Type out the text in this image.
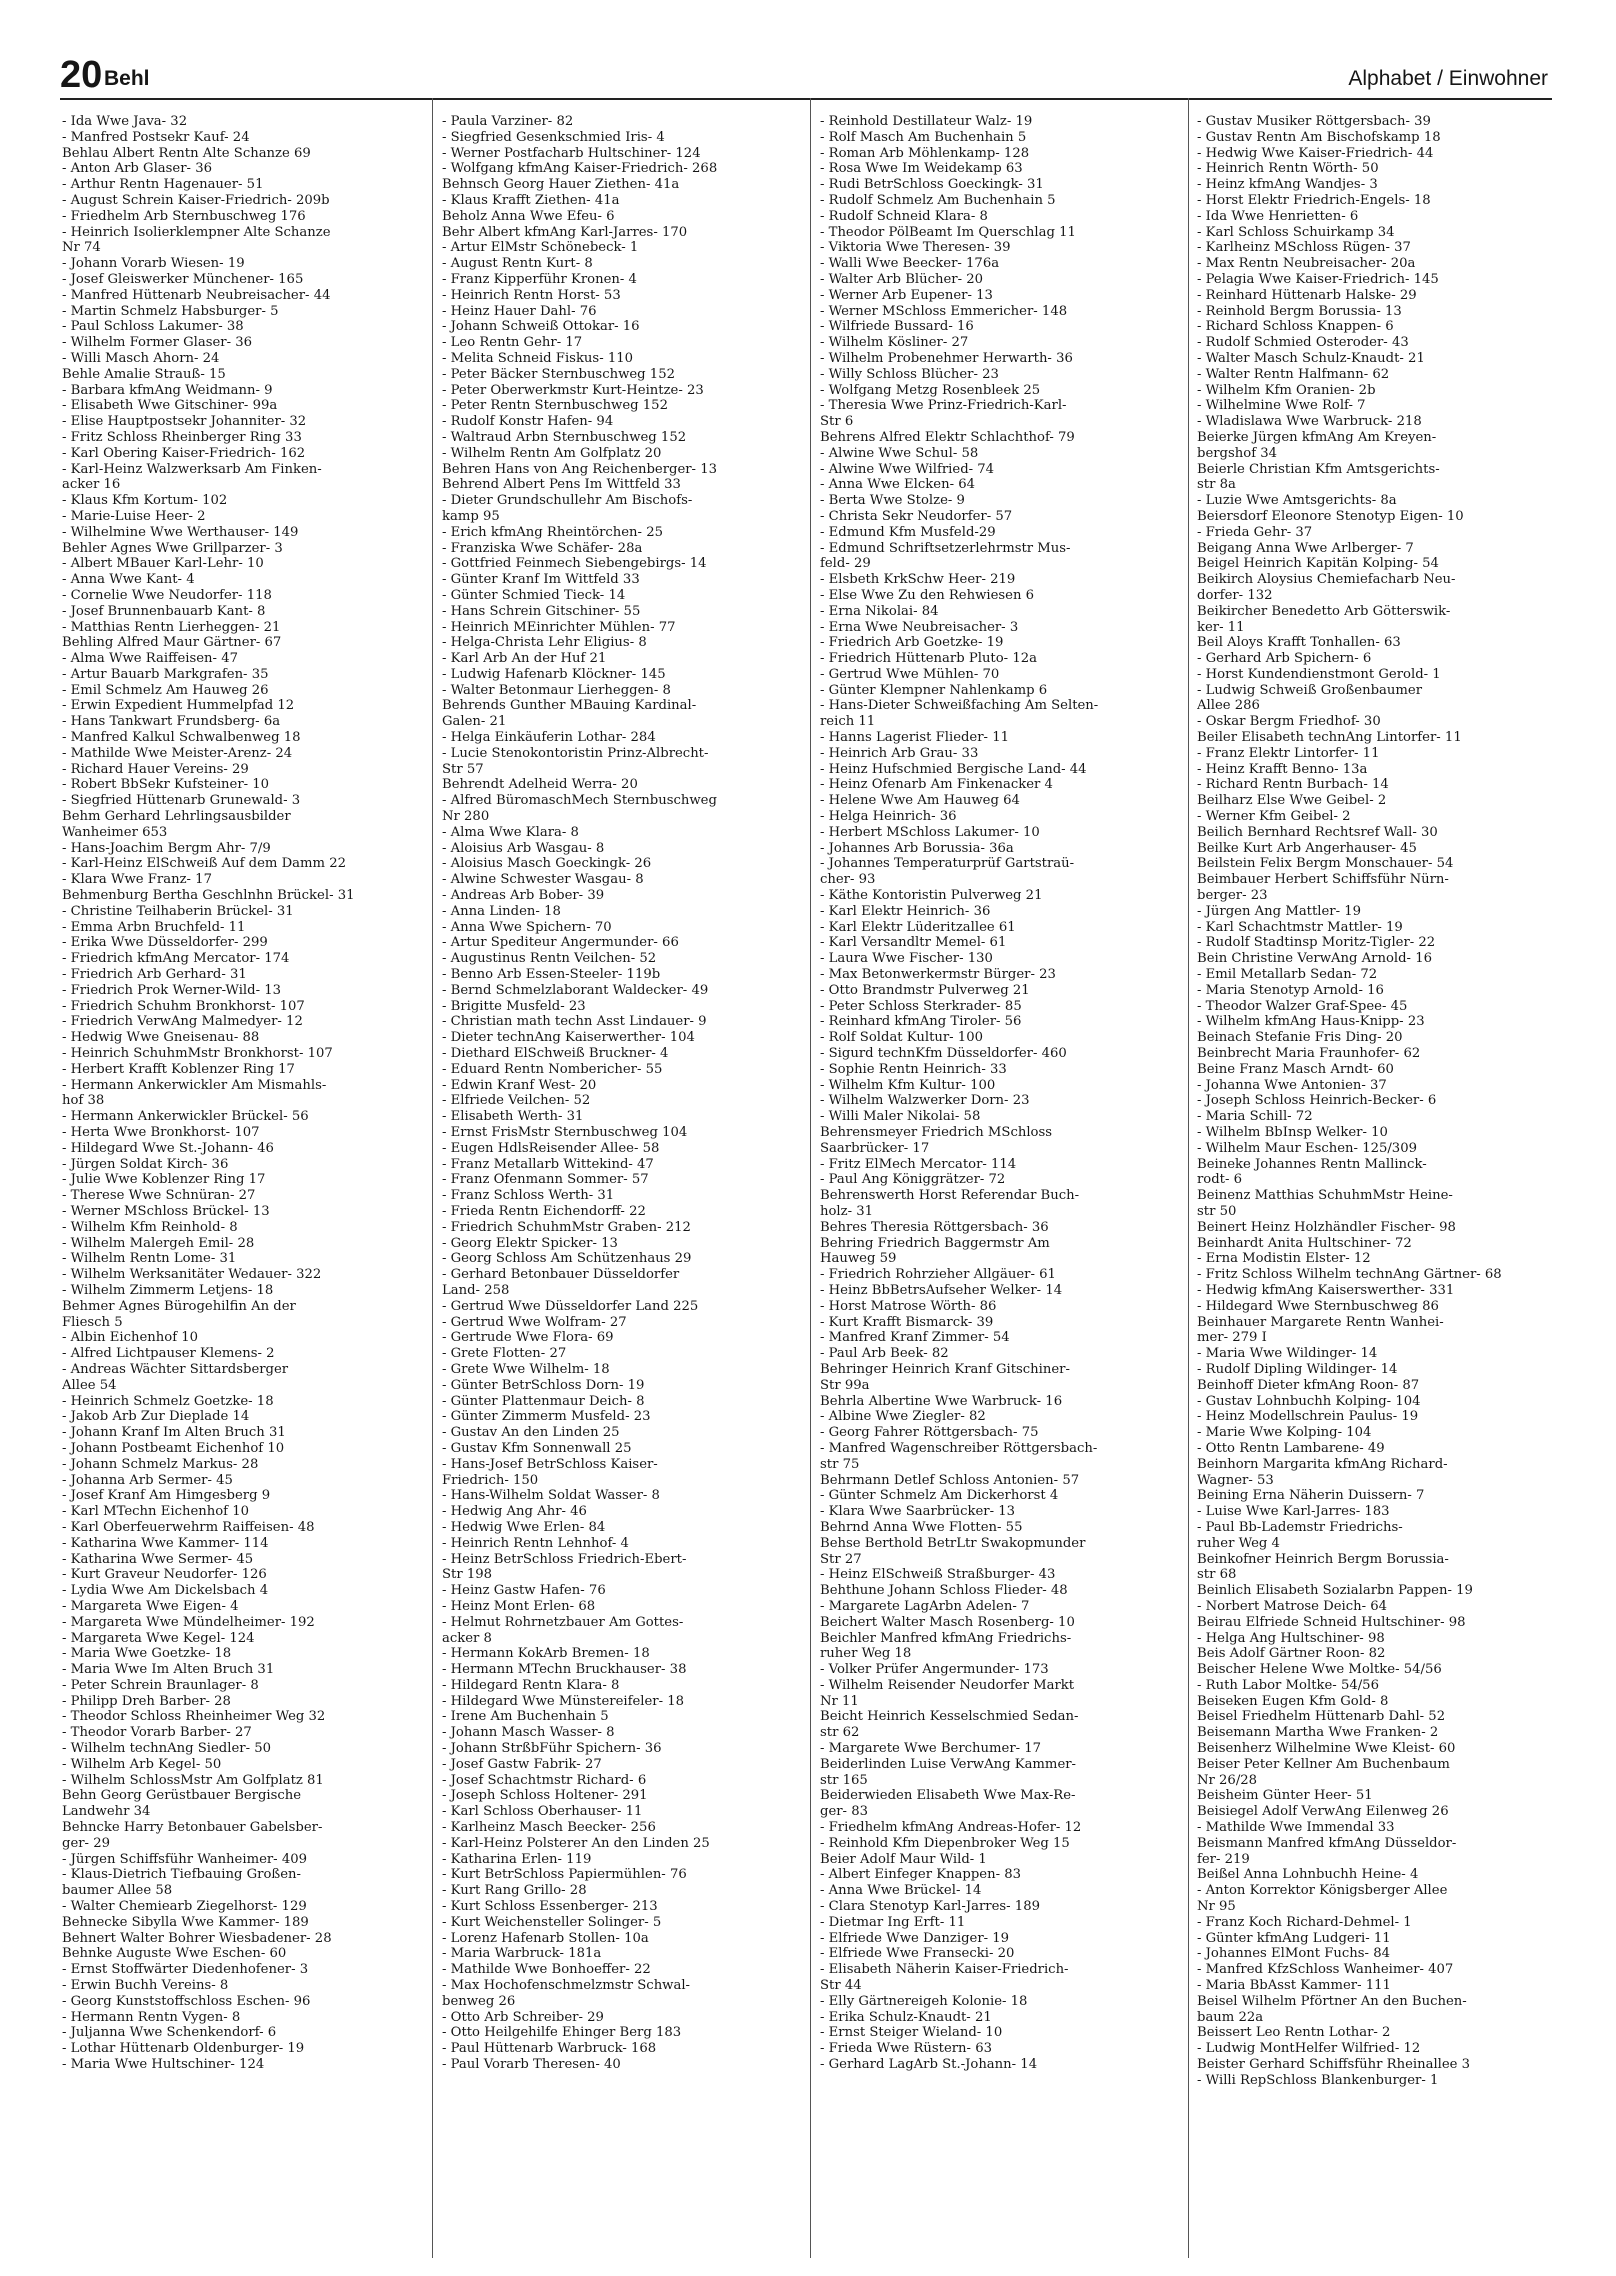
20 Behl	Alphabet / Einwohner
- Ida Wwe Java- 32
- Manfred Postsekr Kauf- 24
Behlau Albert Rentn Alte Schanze 69
- Anton Arb Glaser- 36
- Arthur Rentn Hagenauer- 51
- August Schrein Kaiser-Friedrich- 209b
- Friedhelm Arb Sternbuschweg 176
- Heinrich Isolierklempner Alte Schanze
Nr 74
- Johann Vorarb Wiesen- 19
- Josef Gleiswerker Münchener- 165
- Manfred Hüttenarb Neubreisacher- 44
- Martin Schmelz Habsburger- 5
- Paul Schloss Lakumer- 38
- Wilhelm Former Glaser- 36
- Willi Masch Ahorn- 24
Behle Amalie Strauß- 15
- Barbara kfmAng Weidmann- 9
- Elisabeth Wwe Gitschiner- 99a
- Elise Hauptpostsekr Johanniter- 32
- Fritz Schloss Rheinberger Ring 33
- Karl Obering Kaiser-Friedrich- 162
- Karl-Heinz Walzwerksarb Am Finken-
acker 16
- Klaus Kfm Kortum- 102
- Marie-Luise Heer- 2
- Wilhelmine Wwe Werthauser- 149
Behler Agnes Wwe Grillparzer- 3
- Albert MBauer Karl-Lehr- 10
- Anna Wwe Kant- 4
- Cornelie Wwe Neudorfer- 118
- Josef Brunnenbauarb Kant- 8
- Matthias Rentn Lierheggen- 21
Behling Alfred Maur Gärtner- 67
- Alma Wwe Raiffeisen- 47
- Artur Bauarb Markgrafen- 35
- Emil Schmelz Am Hauweg 26
- Erwin Expedient Hummelpfad 12
- Hans Tankwart Frundsberg- 6a
- Manfred Kalkul Schwalbenweg 18
- Mathilde Wwe Meister-Arenz- 24
- Richard Hauer Vereins- 29
- Robert BbSekr Kufsteiner- 10
- Siegfried Hüttenarb Grunewald- 3
Behm Gerhard Lehrlingsausbilder
Wanheimer 653
- Hans-Joachim Bergm Ahr- 7/9
- Karl-Heinz ElSchweiß Auf dem Damm 22
- Klara Wwe Franz- 17
Behmenburg Bertha Geschlnhn Brückel- 31
- Christine Teilhaberin Brückel- 31
- Emma Arbn Bruchfeld- 11
- Erika Wwe Düsseldorfer- 299
- Friedrich kfmAng Mercator- 174
- Friedrich Arb Gerhard- 31
- Friedrich Prok Werner-Wild- 13
- Friedrich Schuhm Bronkhorst- 107
- Friedrich VerwAng Malmedyer- 12
- Hedwig Wwe Gneisenau- 88
- Heinrich SchuhmMstr Bronkhorst- 107
- Herbert Krafft Koblenzer Ring 17
- Hermann Ankerwickler Am Mismahls-
hof 38
- Hermann Ankerwickler Brückel- 56
- Herta Wwe Bronkhorst- 107
- Hildegard Wwe St.-Johann- 46
- Jürgen Soldat Kirch- 36
- Julie Wwe Koblenzer Ring 17
- Therese Wwe Schnüran- 27
- Werner MSchloss Brückel- 13
- Wilhelm Kfm Reinhold- 8
- Wilhelm Malergeh Emil- 28
- Wilhelm Rentn Lome- 31
- Wilhelm Werksanitäter Wedauer- 322
- Wilhelm Zimmerm Letjens- 18
Behmer Agnes Bürogehilfin An der
Fliesch 5
- Albin Eichenhof 10
- Alfred Lichtpauser Klemens- 2
- Andreas Wächter Sittardsberger
Allee 54
- Heinrich Schmelz Goetzke- 18
- Jakob Arb Zur Dieplade 14
- Johann Kranf Im Alten Bruch 31
- Johann Postbeamt Eichenhof 10
- Johann Schmelz Markus- 28
- Johanna Arb Sermer- 45
- Josef Kranf Am Himgesberg 9
- Karl MTechn Eichenhof 10
- Karl Oberfeuerwehrm Raiffeisen- 48
- Katharina Wwe Kammer- 114
- Katharina Wwe Sermer- 45
- Kurt Graveur Neudorfer- 126
- Lydia Wwe Am Dickelsbach 4
- Margareta Wwe Eigen- 4
- Margareta Wwe Mündelheimer- 192
- Margareta Wwe Kegel- 124
- Maria Wwe Goetzke- 18
- Maria Wwe Im Alten Bruch 31
- Peter Schrein Braunlager- 8
- Philipp Dreh Barber- 28
- Theodor Schloss Rheinheimer Weg 32
- Theodor Vorarb Barber- 27
- Wilhelm technAng Siedler- 50
- Wilhelm Arb Kegel- 50
- Wilhelm SchlossMstr Am Golfplatz 81
Behn Georg Gerüstbauer Bergische
Landwehr 34
Behncke Harry Betonbauer Gabelsber-
ger- 29
- Jürgen Schiffsführ Wanheimer- 409
- Klaus-Dietrich Tiefbauing Großen-
baumer Allee 58
- Walter Chemiearb Ziegelhorst- 129
Behnecke Sibylla Wwe Kammer- 189
Behnert Walter Bohrer Wiesbadener- 28
Behnke Auguste Wwe Eschen- 60
- Ernst Stoffwärter Diedenhofener- 3
- Erwin Buchh Vereins- 8
- Georg Kunststoffschloss Eschen- 96
- Hermann Rentn Vygen- 8
- Juljanna Wwe Schenkendorf- 6
- Lothar Hüttenarb Oldenburger- 19
- Maria Wwe Hultschiner- 124
- Paula Varziner- 82
- Siegfried Gesenkschmied Iris- 4
- Werner Postfacharb Hultschiner- 124
- Wolfgang kfmAng Kaiser-Friedrich- 268
Behnsch Georg Hauer Ziethen- 41a
- Klaus Krafft Ziethen- 41a
Beholz Anna Wwe Efeu- 6
Behr Albert kfmAng Karl-Jarres- 170
- Artur ElMstr Schönebeck- 1
- August Rentn Kurt- 8
- Franz Kipperführ Kronen- 4
- Heinrich Rentn Horst- 53
- Heinz Hauer Dahl- 76
- Johann Schweiß Ottokar- 16
- Leo Rentn Gehr- 17
- Melita Schneid Fiskus- 110
- Peter Bäcker Sternbuschweg 152
- Peter Oberwerkmstr Kurt-Heintze- 23
- Peter Rentn Sternbuschweg 152
- Rudolf Konstr Hafen- 94
- Waltraud Arbn Sternbuschweg 152
- Wilhelm Rentn Am Golfplatz 20
Behren Hans von Ang Reichenberger- 13
Behrend Albert Pens Im Wittfeld 33
- Dieter Grundschullehr Am Bischofs-
kamp 95
- Erich kfmAng Rheintörchen- 25
- Franziska Wwe Schäfer- 28a
- Gottfried Feinmech Siebengebirgs- 14
- Günter Kranf Im Wittfeld 33
- Günter Schmied Tieck- 14
- Hans Schrein Gitschiner- 55
- Heinrich MEinrichter Mühlen- 77
- Helga-Christa Lehr Eligius- 8
- Karl Arb An der Huf 21
- Ludwig Hafenarb Klöckner- 145
- Walter Betonmaur Lierheggen- 8
Behrends Gunther MBauing Kardinal-
Galen- 21
- Helga Einkäuferin Lothar- 284
- Lucie Stenokontoristin Prinz-Albrecht-
Str 57
Behrendt Adelheid Werra- 20
- Alfred BüromaschMech Sternbuschweg
Nr 280
- Alma Wwe Klara- 8
- Aloisius Arb Wasgau- 8
- Aloisius Masch Goeckingk- 26
- Alwine Schwester Wasgau- 8
- Andreas Arb Bober- 39
- Anna Linden- 18
- Anna Wwe Spichern- 70
- Artur Spediteur Angermunder- 66
- Augustinus Rentn Veilchen- 52
- Benno Arb Essen-Steeler- 119b
- Bernd Schmelzlaborant Waldecker- 49
- Brigitte Musfeld- 23
- Christian math techn Asst Lindauer- 9
- Dieter technAng Kaiserwerther- 104
- Diethard ElSchweiß Bruckner- 4
- Eduard Rentn Nombericher- 55
- Edwin Kranf West- 20
- Elfriede Veilchen- 52
- Elisabeth Werth- 31
- Ernst FrisMstr Sternbuschweg 104
- Eugen HdlsReisender Allee- 58
- Franz Metallarb Wittekind- 47
- Franz Ofenmann Sommer- 57
- Franz Schloss Werth- 31
- Frieda Rentn Eichendorff- 22
- Friedrich SchuhmMstr Graben- 212
- Georg Elektr Spicker- 13
- Georg Schloss Am Schützenhaus 29
- Gerhard Betonbauer Düsseldorfer
Land- 258
- Gertrud Wwe Düsseldorfer Land 225
- Gertrud Wwe Wolfram- 27
- Gertrude Wwe Flora- 69
- Grete Flotten- 27
- Grete Wwe Wilhelm- 18
- Günter BetrSchloss Dorn- 19
- Günter Plattenmaur Deich- 8
- Günter Zimmerm Musfeld- 23
- Gustav An den Linden 25
- Gustav Kfm Sonnenwall 25
- Hans-Josef BetrSchloss Kaiser-
Friedrich- 150
- Hans-Wilhelm Soldat Wasser- 8
- Hedwig Ang Ahr- 46
- Hedwig Wwe Erlen- 84
- Heinrich Rentn Lehnhof- 4
- Heinz BetrSchloss Friedrich-Ebert-
Str 198
- Heinz Gastw Hafen- 76
- Heinz Mont Erlen- 68
- Helmut Rohrnetzbauer Am Gottes-
acker 8
- Hermann KokArb Bremen- 18
- Hermann MTechn Bruckhauser- 38
- Hildegard Rentn Klara- 8
- Hildegard Wwe Münstereifeler- 18
- Irene Am Buchenhain 5
- Johann Masch Wasser- 8
- Johann StrßbFühr Spichern- 36
- Josef Gastw Fabrik- 27
- Josef Schachtmstr Richard- 6
- Joseph Schloss Holtener- 291
- Karl Schloss Oberhauser- 11
- Karlheinz Masch Beecker- 256
- Karl-Heinz Polsterer An den Linden 25
- Katharina Erlen- 119
- Kurt BetrSchloss Papiermühlen- 76
- Kurt Rang Grillo- 28
- Kurt Schloss Essenberger- 213
- Kurt Weichensteller Solinger- 5
- Lorenz Hafenarb Stollen- 10a
- Maria Warbruck- 181a
- Mathilde Wwe Bonhoeffer- 22
- Max Hochofenschmelzmstr Schwal-
benweg 26
- Otto Arb Schreiber- 29
- Otto Heilgehilfe Ehinger Berg 183
- Paul Hüttenarb Warbruck- 168
- Paul Vorarb Theresen- 40
- Reinhold Destillateur Walz- 19
- Rolf Masch Am Buchenhain 5
- Roman Arb Möhlenkamp- 128
- Rosa Wwe Im Weidekamp 63
- Rudi BetrSchloss Goeckingk- 31
- Rudolf Schmelz Am Buchenhain 5
- Rudolf Schneid Klara- 8
- Theodor PölBeamt Im Querschlag 11
- Viktoria Wwe Theresen- 39
- Walli Wwe Beecker- 176a
- Walter Arb Blücher- 20
- Werner Arb Eupener- 13
- Werner MSchloss Emmericher- 148
- Wilfriede Bussard- 16
- Wilhelm Kösliner- 27
- Wilhelm Probenehmer Herwarth- 36
- Willy Schloss Blücher- 23
- Wolfgang Metzg Rosenbleek 25
- Theresia Wwe Prinz-Friedrich-Karl-
Str 6
Behrens Alfred Elektr Schlachthof- 79
- Alwine Wwe Schul- 58
- Alwine Wwe Wilfried- 74
- Anna Wwe Elcken- 64
- Berta Wwe Stolze- 9
- Christa Sekr Neudorfer- 57
- Edmund Kfm Musfeld-29
- Edmund Schriftsetzerlehrmstr Mus-
feld- 29
- Elsbeth KrkSchw Heer- 219
- Else Wwe Zu den Rehwiesen 6
- Erna Nikolai- 84
- Erna Wwe Neubreisacher- 3
- Friedrich Arb Goetzke- 19
- Friedrich Hüttenarb Pluto- 12a
- Gertrud Wwe Mühlen- 70
- Günter Klempner Nahlenkamp 6
- Hans-Dieter Schweißfaching Am Selten-
reich 11
- Hanns Lagerist Flieder- 11
- Heinrich Arb Grau- 33
- Heinz Hufschmied Bergische Land- 44
- Heinz Ofenarb Am Finkenacker 4
- Helene Wwe Am Hauweg 64
- Helga Heinrich- 36
- Herbert MSchloss Lakumer- 10
- Johannes Arb Borussia- 36a
- Johannes Temperaturprüf Gartstraü-
cher- 93
- Käthe Kontoristin Pulverweg 21
- Karl Elektr Heinrich- 36
- Karl Elektr Lüderitzallee 61
- Karl Versandltr Memel- 61
- Laura Wwe Fischer- 130
- Max Betonwerkermstr Bürger- 23
- Otto Brandmstr Pulverweg 21
- Peter Schloss Sterkrader- 85
- Reinhard kfmAng Tiroler- 56
- Rolf Soldat Kultur- 100
- Sigurd technKfm Düsseldorfer- 460
- Sophie Rentn Heinrich- 33
- Wilhelm Kfm Kultur- 100
- Wilhelm Walzwerker Dorn- 23
- Willi Maler Nikolai- 58
Behrensmeyer Friedrich MSchloss
Saarbrücker- 17
- Fritz ElMech Mercator- 114
- Paul Ang Königgrätzer- 72
Behrenswerth Horst Referendar Buch-
holz- 31
Behres Theresia Röttgersbach- 36
Behring Friedrich Baggermstr Am
Hauweg 59
- Friedrich Rohrzieher Allgäuer- 61
- Heinz BbBetrsAufseher Welker- 14
- Horst Matrose Wörth- 86
- Kurt Krafft Bismarck- 39
- Manfred Kranf Zimmer- 54
- Paul Arb Beek- 82
Behringer Heinrich Kranf Gitschiner-
Str 99a
Behrla Albertine Wwe Warbruck- 16
- Albine Wwe Ziegler- 82
- Georg Fahrer Röttgersbach- 75
- Manfred Wagenschreiber Röttgersbach-
str 75
Behrmann Detlef Schloss Antonien- 57
- Günter Schmelz Am Dickerhorst 4
- Klara Wwe Saarbrücker- 13
Behrnd Anna Wwe Flotten- 55
Behse Berthold BetrLtr Swakopmunder
Str 27
- Heinz ElSchweiß Straßburger- 43
Behthune Johann Schloss Flieder- 48
- Margarete LagArbn Adelen- 7
Beichert Walter Masch Rosenberg- 10
Beichler Manfred kfmAng Friedrichs-
ruher Weg 18
- Volker Prüfer Angermunder- 173
- Wilhelm Reisender Neudorfer Markt
Nr 11
Beicht Heinrich Kesselschmied Sedan-
str 62
- Margarete Wwe Berchumer- 17
Beiderlinden Luise VerwAng Kammer-
str 165
Beiderwieden Elisabeth Wwe Max-Re-
ger- 83
- Friedhelm kfmAng Andreas-Hofer- 12
- Reinhold Kfm Diepenbroker Weg 15
Beier Adolf Maur Wild- 1
- Albert Einfeger Knappen- 83
- Anna Wwe Brückel- 14
- Clara Stenotyp Karl-Jarres- 189
- Dietmar Ing Erft- 11
- Elfriede Wwe Danziger- 19
- Elfriede Wwe Fransecki- 20
- Elisabeth Näherin Kaiser-Friedrich-
Str 44
- Elly Gärtnereigeh Kolonie- 18
- Erika Schulz-Knaudt- 21
- Ernst Steiger Wieland- 10
- Frieda Wwe Rüstern- 63
- Gerhard LagArb St.-Johann- 14
- Gustav Musiker Röttgersbach- 39
- Gustav Rentn Am Bischofskamp 18
- Hedwig Wwe Kaiser-Friedrich- 44
- Heinrich Rentn Wörth- 50
- Heinz kfmAng Wandjes- 3
- Horst Elektr Friedrich-Engels- 18
- Ida Wwe Henrietten- 6
- Karl Schloss Schuirkamp 34
- Karlheinz MSchloss Rügen- 37
- Max Rentn Neubreisacher- 20a
- Pelagia Wwe Kaiser-Friedrich- 145
- Reinhard Hüttenarb Halske- 29
- Reinhold Bergm Borussia- 13
- Richard Schloss Knappen- 6
- Rudolf Schmied Osteroder- 43
- Walter Masch Schulz-Knaudt- 21
- Walter Rentn Halfmann- 62
- Wilhelm Kfm Oranien- 2b
- Wilhelmine Wwe Rolf- 7
- Wladislawa Wwe Warbruck- 218
Beierke Jürgen kfmAng Am Kreyen-
bergshof 34
Beierle Christian Kfm Amtsgerichts-
str 8a
- Luzie Wwe Amtsgerichts- 8a
Beiersdorf Eleonore Stenotyp Eigen- 10
- Frieda Gehr- 37
Beigang Anna Wwe Arlberger- 7
Beigel Heinrich Kapitän Kolping- 54
Beikirch Aloysius Chemiefacharb Neu-
dorfer- 132
Beikircher Benedetto Arb Götterswik-
ker- 11
Beil Aloys Krafft Tonhallen- 63
- Gerhard Arb Spichern- 6
- Horst Kundendienstmont Gerold- 1
- Ludwig Schweiß Großenbaumer
Allee 286
- Oskar Bergm Friedhof- 30
Beiler Elisabeth technAng Lintorfer- 11
- Franz Elektr Lintorfer- 11
- Heinz Krafft Benno- 13a
- Richard Rentn Burbach- 14
Beilharz Else Wwe Geibel- 2
- Werner Kfm Geibel- 2
Beilich Bernhard Rechtsref Wall- 30
Beilke Kurt Arb Angerhauser- 45
Beilstein Felix Bergm Monschauer- 54
Beimbauer Herbert Schiffsführ Nürn-
berger- 23
- Jürgen Ang Mattler- 19
- Karl Schachtmstr Mattler- 19
- Rudolf Stadtinsp Moritz-Tigler- 22
Bein Christine VerwAng Arnold- 16
- Emil Metallarb Sedan- 72
- Maria Stenotyp Arnold- 16
- Theodor Walzer Graf-Spee- 45
- Wilhelm kfmAng Haus-Knipp- 23
Beinach Stefanie Fris Ding- 20
Beinbrecht Maria Fraunhofer- 62
Beine Franz Masch Arndt- 60
- Johanna Wwe Antonien- 37
- Joseph Schloss Heinrich-Becker- 6
- Maria Schill- 72
- Wilhelm BbInsp Welker- 10
- Wilhelm Maur Eschen- 125/309
Beineke Johannes Rentn Mallinck-
rodt- 6
Beinenz Matthias SchuhmMstr Heine-
str 50
Beinert Heinz Holzhändler Fischer- 98
Beinhardt Anita Hultschiner- 72
- Erna Modistin Elster- 12
- Fritz Schloss Wilhelm technAng Gärtner- 68
- Hedwig kfmAng Kaiserswerther- 331
- Hildegard Wwe Sternbuschweg 86
Beinhauer Margarete Rentn Wanhei-
mer- 279 I
- Maria Wwe Wildinger- 14
- Rudolf Dipling Wildinger- 14
Beinhoff Dieter kfmAng Roon- 87
- Gustav Lohnbuchh Kolping- 104
- Heinz Modellschrein Paulus- 19
- Marie Wwe Kolping- 104
- Otto Rentn Lambarene- 49
Beinhorn Margarita kfmAng Richard-
Wagner- 53
Beining Erna Näherin Duissern- 7
- Luise Wwe Karl-Jarres- 183
- Paul Bb-Lademstr Friedrichs-
ruher Weg 4
Beinkofner Heinrich Bergm Borussia-
str 68
Beinlich Elisabeth Sozialarbn Pappen- 19
- Norbert Matrose Deich- 64
Beirau Elfriede Schneid Hultschiner- 98
- Helga Ang Hultschiner- 98
Beis Adolf Gärtner Roon- 82
Beischer Helene Wwe Moltke- 54/56
- Ruth Labor Moltke- 54/56
Beiseken Eugen Kfm Gold- 8
Beisel Friedhelm Hüttenarb Dahl- 52
Beisemann Martha Wwe Franken- 2
Beisenherz Wilhelmine Wwe Kleist- 60
Beiser Peter Kellner Am Buchenbaum
Nr 26/28
Beisheim Günter Heer- 51
Beisiegel Adolf VerwAng Eilenweg 26
- Mathilde Wwe Immendal 33
Beismann Manfred kfmAng Düsseldor-
fer- 219
Beißel Anna Lohnbuchh Heine- 4
- Anton Korrektor Königsberger Allee
Nr 95
- Franz Koch Richard-Dehmel- 1
- Günter kfmAng Ludgeri- 11
- Johannes ElMont Fuchs- 84
- Manfred KfzSchloss Wanheimer- 407
- Maria BbAsst Kammer- 111
Beisel Wilhelm Pförtner An den Buchen-
baum 22a
Beissert Leo Rentn Lothar- 2
- Ludwig MontHelfer Wilfried- 12
Beister Gerhard Schiffsführ Rheinallee 3
- Willi RepSchloss Blankenburger- 1
